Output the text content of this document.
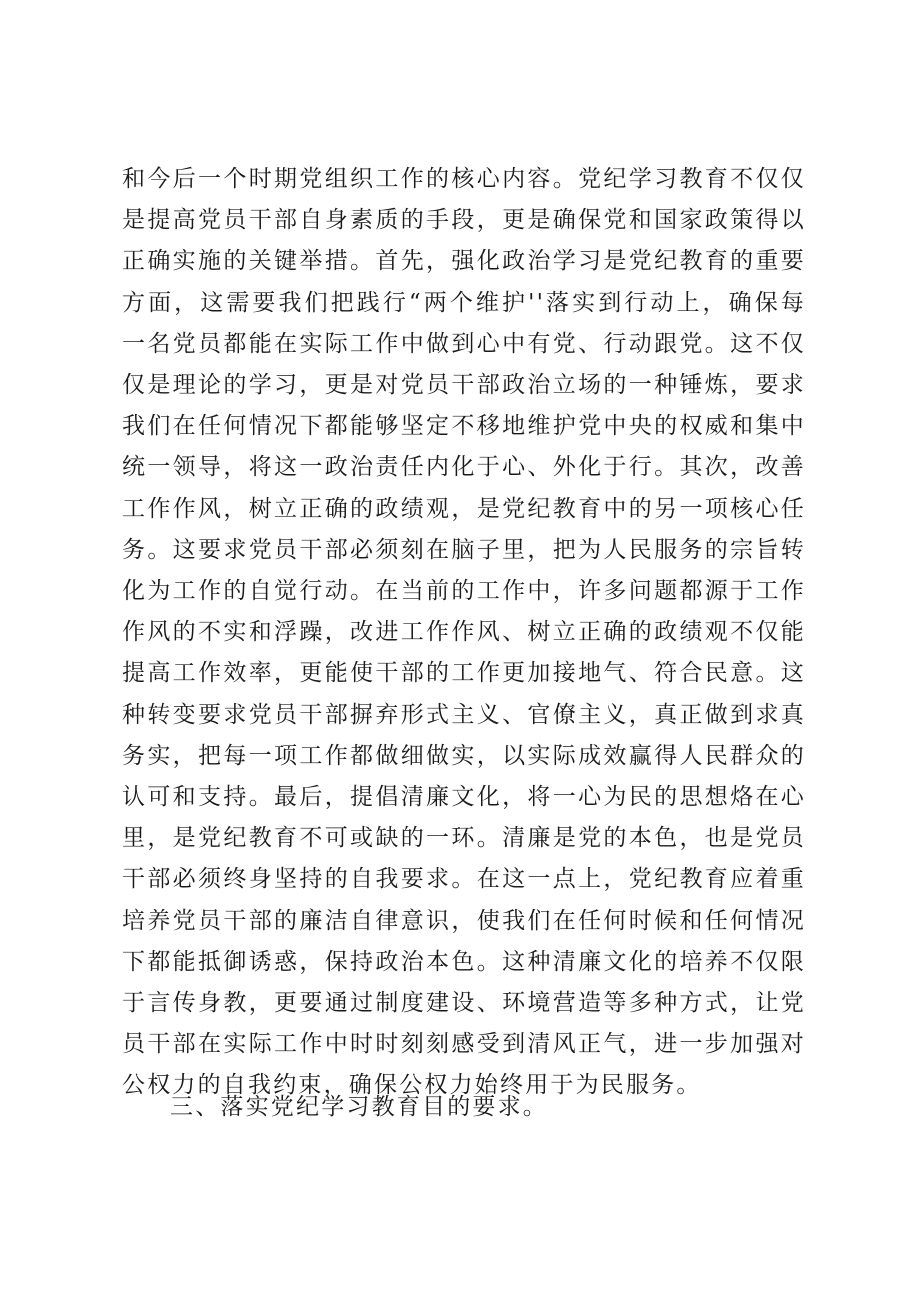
和今后一个时期党组织工作的核心内容。党纪学习教育不仅仅是提高党员干部自身素质的手段，更是确保党和国家政策得以正确实施的关键举措。首先，强化政治学习是党纪教育的重要方面，这需要我们把践行“两个维护''落实到行动上，确保每一名党员都能在实际工作中做到心中有党、行动跟党。这不仅仅是理论的学习，更是对党员干部政治立场的一种锤炼，要求我们在任何情况下都能够坚定不移地维护党中央的权威和集中统一领导，将这一政治责任内化于心、外化于行。其次，改善工作作风，树立正确的政绩观，是党纪教育中的另一项核心任务。这要求党员干部必须刻在脑子里，把为人民服务的宗旨转化为工作的自觉行动。在当前的工作中，许多问题都源于工作作风的不实和浮躁，改进工作作风、树立正确的政绩观不仅能提高工作效率，更能使干部的工作更加接地气、符合民意。这种转变要求党员干部摒弃形式主义、官僚主义，真正做到求真务实，把每一项工作都做细做实，以实际成效赢得人民群众的认可和支持。最后，提倡清廉文化，将一心为民的思想烙在心里，是党纪教育不可或缺的一环。清廉是党的本色，也是党员干部必须终身坚持的自我要求。在这一点上，党纪教育应着重培养党员干部的廉洁自律意识，使我们在任何时候和任何情况下都能抵御诱惑，保持政治本色。这种清廉文化的培养不仅限于言传身教，更要通过制度建设、环境营造等多种方式，让党员干部在实际工作中时时刻刻感受到清风正气，进一步加强对公权力的自我约束，确保公权力始终用于为民服务。

三、落实党纪学习教育目的要求。
